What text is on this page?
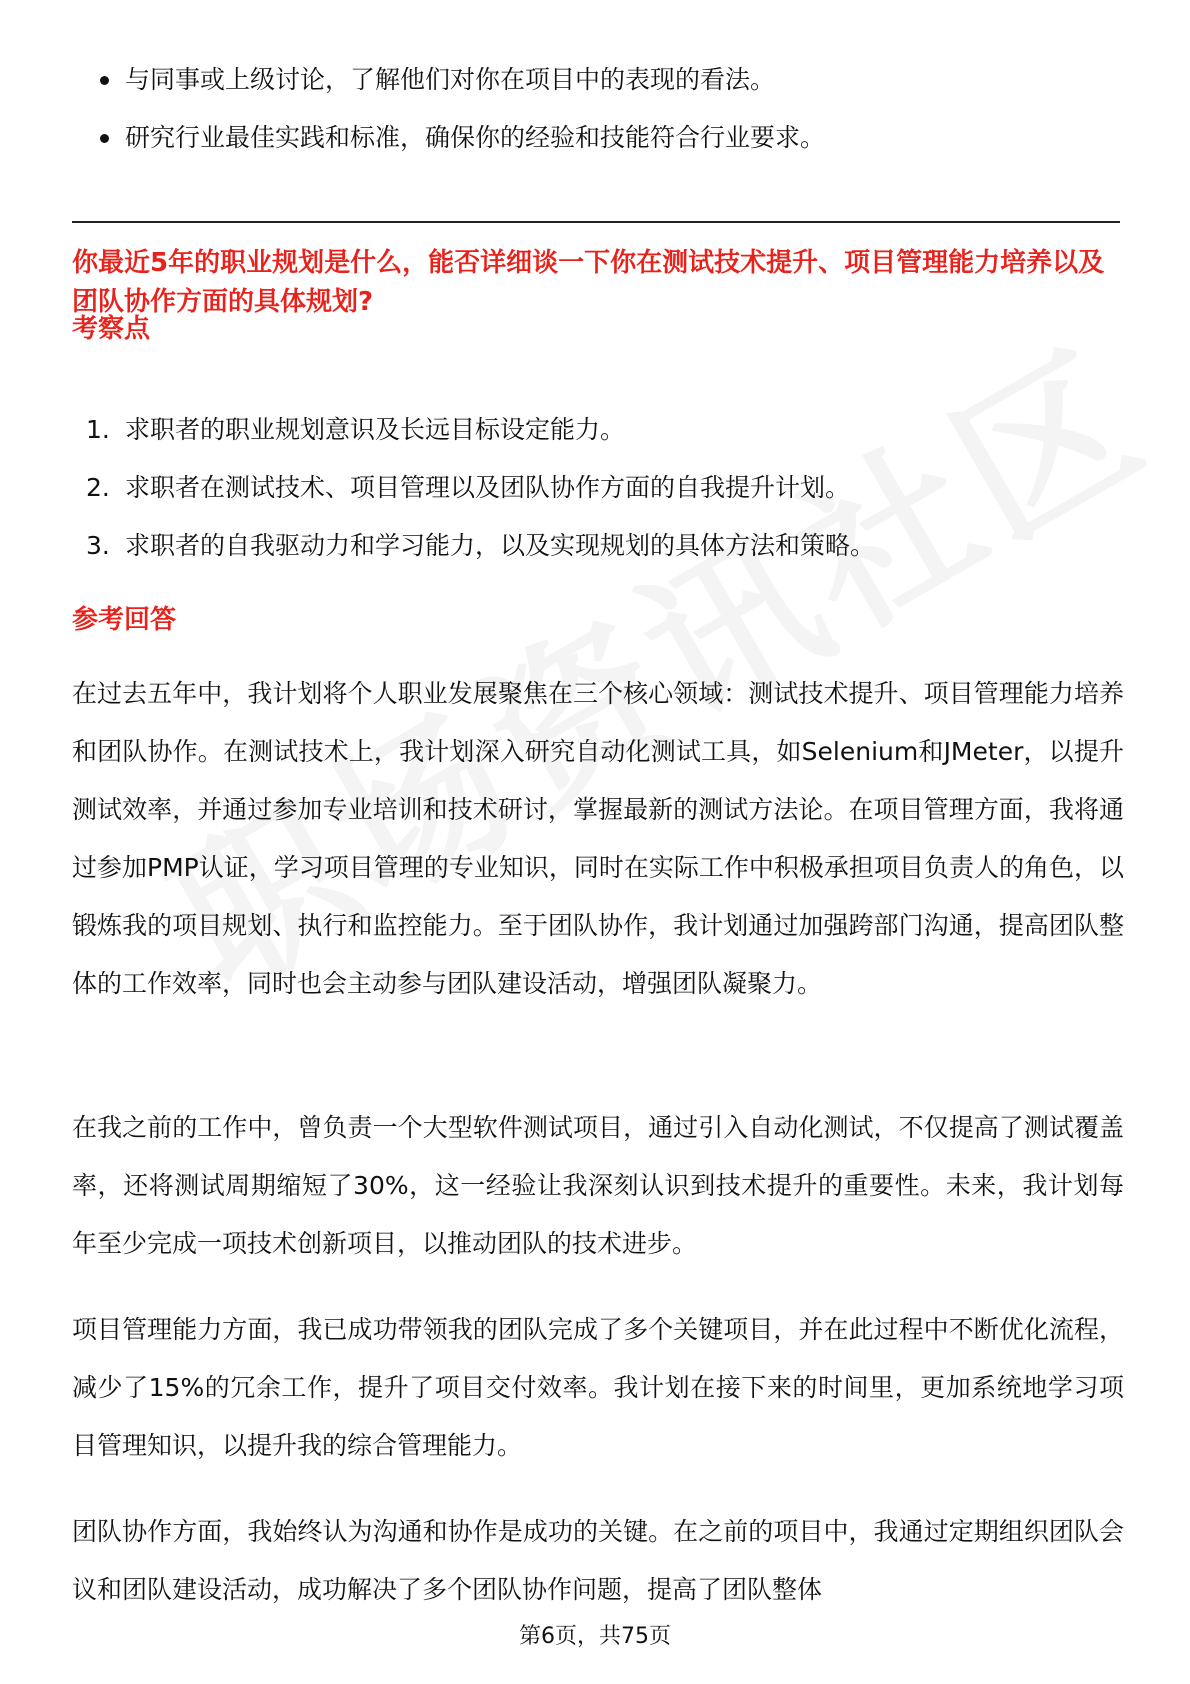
与同事或上级讨论，了解他们对你在项目中的表现的看法。
研究行业最佳实践和标准，确保你的经验和技能符合行业要求。
你最近5年的职业规划是什么，能否详细谈一下你在测试技术提升、项目管理能力培养以及团队协作方面的具体规划?
考察点
1. 求职者的职业规划意识及长远目标设定能力。
2. 求职者在测试技术、项目管理以及团队协作方面的自我提升计划。
3. 求职者的自我驱动力和学习能力，以及实现规划的具体方法和策略。
参考回答

在过去五年中，我计划将个人职业发展聚焦在三个核心领域：测试技术提升、项目管理能力培养和团队协作。在测试技术上，我计划深入研究自动化测试工具，如Selenium和JMeter，以提升测试效率，并通过参加专业培训和技术研讨，掌握最新的测试方法论。在项目管理方面，我将通过参加PMP认证，学习项目管理的专业知识，同时在实际工作中积极承担项目负责人的角色，以锻炼我的项目规划、执行和监控能力。至于团队协作，我计划通过加强跨部门沟通，提高团队整体的工作效率，同时也会主动参与团队建设活动，增强团队凝聚力。

在我之前的工作中，曾负责一个大型软件测试项目，通过引入自动化测试，不仅提高了测试覆盖率，还将测试周期缩短了30%，这一经验让我深刻认识到技术提升的重要性。未来，我计划每年至少完成一项技术创新项目，以推动团队的技术进步。

项目管理能力方面，我已成功带领我的团队完成了多个关键项目，并在此过程中不断优化流程，减少了15%的冗余工作，提升了项目交付效率。我计划在接下来的时间里，更加系统地学习项目管理知识，以提升我的综合管理能力。

团队协作方面，我始终认为沟通和协作是成功的关键。在之前的项目中，我通过定期组织团队会议和团队建设活动，成功解决了多个团队协作问题，提高了团队整体

第6页，共75页
